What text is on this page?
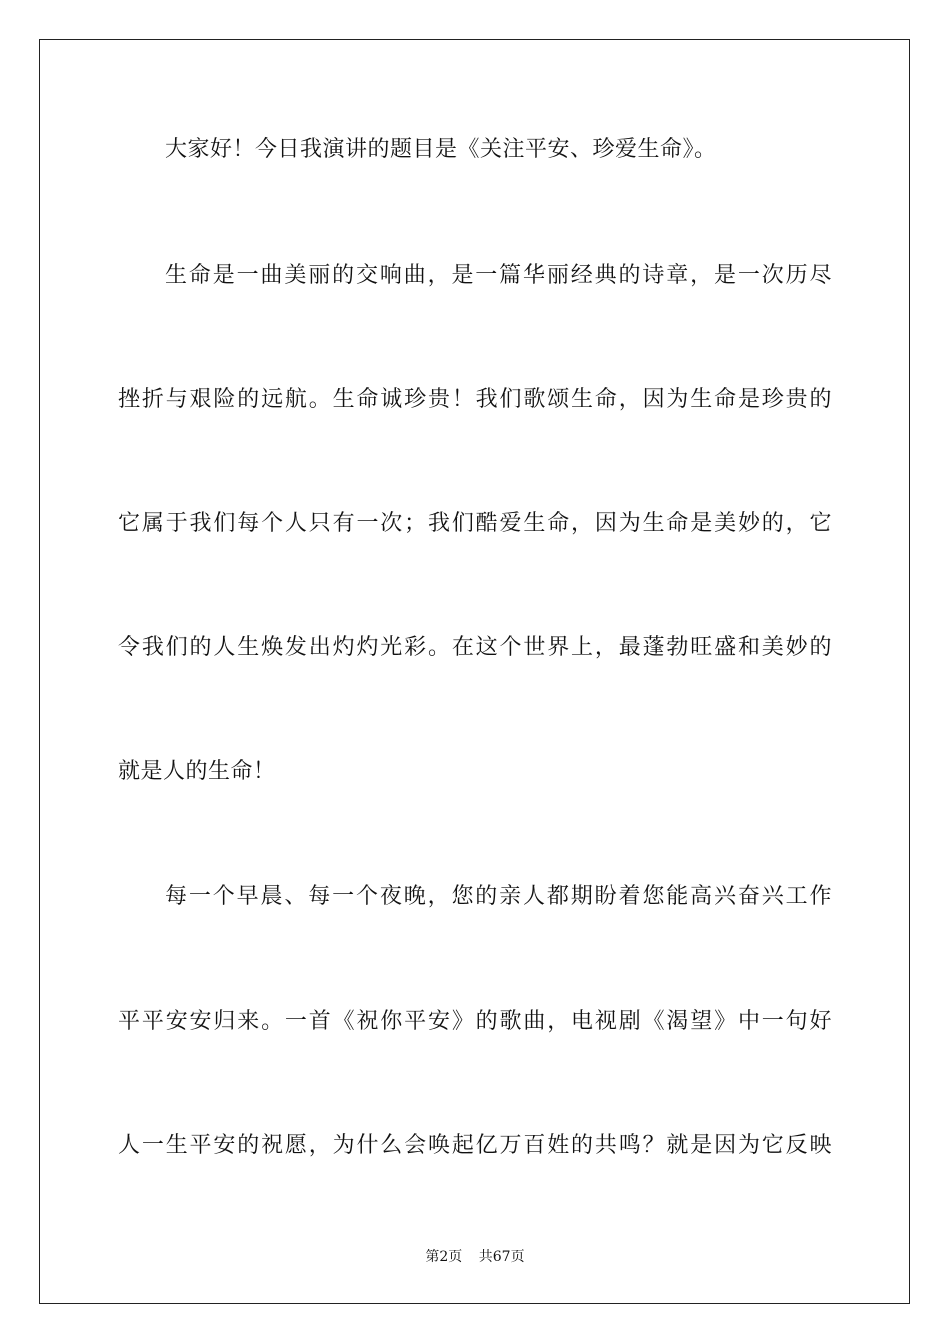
大家好！今日我演讲的题目是《关注平安、珍爱生命》。
生命是一曲美丽的交响曲，是一篇华丽经典的诗章，是一次历尽
挫折与艰险的远航。生命诚珍贵！我们歌颂生命，因为生命是珍贵的
它属于我们每个人只有一次；我们酷爱生命，因为生命是美妙的，它
令我们的人生焕发出灼灼光彩。在这个世界上，最蓬勃旺盛和美妙的
就是人的生命！
每一个早晨、每一个夜晚，您的亲人都期盼着您能高兴奋兴工作
平平安安归来。一首《祝你平安》的歌曲，电视剧《渴望》中一句好
人一生平安的祝愿，为什么会唤起亿万百姓的共鸣？就是因为它反映
第2页 共67页
